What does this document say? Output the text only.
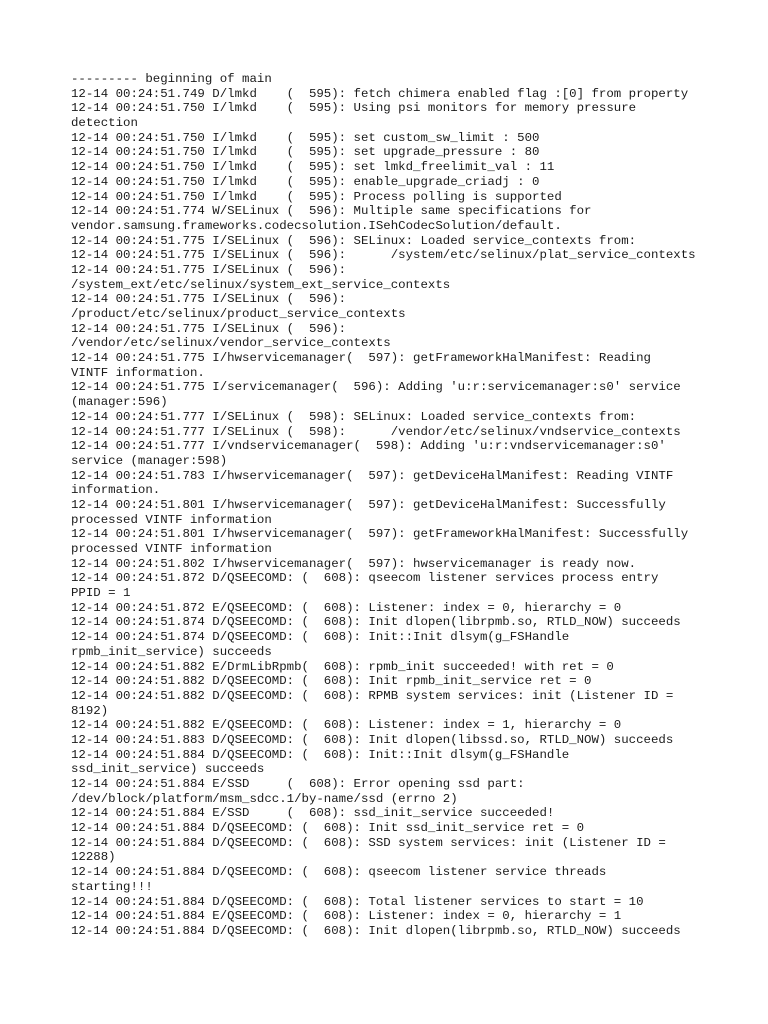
--------- beginning of main
12-14 00:24:51.749 D/lmkd    (  595): fetch chimera enabled flag :[0] from property
12-14 00:24:51.750 I/lmkd    (  595): Using psi monitors for memory pressure
detection
12-14 00:24:51.750 I/lmkd    (  595): set custom_sw_limit : 500
12-14 00:24:51.750 I/lmkd    (  595): set upgrade_pressure : 80
12-14 00:24:51.750 I/lmkd    (  595): set lmkd_freelimit_val : 11
12-14 00:24:51.750 I/lmkd    (  595): enable_upgrade_criadj : 0
12-14 00:24:51.750 I/lmkd    (  595): Process polling is supported
12-14 00:24:51.774 W/SELinux (  596): Multiple same specifications for
vendor.samsung.frameworks.codecsolution.ISehCodecSolution/default.
12-14 00:24:51.775 I/SELinux (  596): SELinux: Loaded service_contexts from:
12-14 00:24:51.775 I/SELinux (  596):      /system/etc/selinux/plat_service_contexts
12-14 00:24:51.775 I/SELinux (  596):
/system_ext/etc/selinux/system_ext_service_contexts
12-14 00:24:51.775 I/SELinux (  596):
/product/etc/selinux/product_service_contexts
12-14 00:24:51.775 I/SELinux (  596):
/vendor/etc/selinux/vendor_service_contexts
12-14 00:24:51.775 I/hwservicemanager(  597): getFrameworkHalManifest: Reading
VINTF information.
12-14 00:24:51.775 I/servicemanager(  596): Adding 'u:r:servicemanager:s0' service
(manager:596)
12-14 00:24:51.777 I/SELinux (  598): SELinux: Loaded service_contexts from:
12-14 00:24:51.777 I/SELinux (  598):      /vendor/etc/selinux/vndservice_contexts
12-14 00:24:51.777 I/vndservicemanager(  598): Adding 'u:r:vndservicemanager:s0'
service (manager:598)
12-14 00:24:51.783 I/hwservicemanager(  597): getDeviceHalManifest: Reading VINTF
information.
12-14 00:24:51.801 I/hwservicemanager(  597): getDeviceHalManifest: Successfully
processed VINTF information
12-14 00:24:51.801 I/hwservicemanager(  597): getFrameworkHalManifest: Successfully
processed VINTF information
12-14 00:24:51.802 I/hwservicemanager(  597): hwservicemanager is ready now.
12-14 00:24:51.872 D/QSEECOMD: (  608): qseecom listener services process entry
PPID = 1
12-14 00:24:51.872 E/QSEECOMD: (  608): Listener: index = 0, hierarchy = 0
12-14 00:24:51.874 D/QSEECOMD: (  608): Init dlopen(librpmb.so, RTLD_NOW) succeeds
12-14 00:24:51.874 D/QSEECOMD: (  608): Init::Init dlsym(g_FSHandle
rpmb_init_service) succeeds
12-14 00:24:51.882 E/DrmLibRpmb(  608): rpmb_init succeeded! with ret = 0
12-14 00:24:51.882 D/QSEECOMD: (  608): Init rpmb_init_service ret = 0
12-14 00:24:51.882 D/QSEECOMD: (  608): RPMB system services: init (Listener ID =
8192)
12-14 00:24:51.882 E/QSEECOMD: (  608): Listener: index = 1, hierarchy = 0
12-14 00:24:51.883 D/QSEECOMD: (  608): Init dlopen(libssd.so, RTLD_NOW) succeeds
12-14 00:24:51.884 D/QSEECOMD: (  608): Init::Init dlsym(g_FSHandle
ssd_init_service) succeeds
12-14 00:24:51.884 E/SSD     (  608): Error opening ssd part:
/dev/block/platform/msm_sdcc.1/by-name/ssd (errno 2)
12-14 00:24:51.884 E/SSD     (  608): ssd_init_service succeeded!
12-14 00:24:51.884 D/QSEECOMD: (  608): Init ssd_init_service ret = 0
12-14 00:24:51.884 D/QSEECOMD: (  608): SSD system services: init (Listener ID =
12288)
12-14 00:24:51.884 D/QSEECOMD: (  608): qseecom listener service threads
starting!!!
12-14 00:24:51.884 D/QSEECOMD: (  608): Total listener services to start = 10
12-14 00:24:51.884 E/QSEECOMD: (  608): Listener: index = 0, hierarchy = 1
12-14 00:24:51.884 D/QSEECOMD: (  608): Init dlopen(librpmb.so, RTLD_NOW) succeeds
